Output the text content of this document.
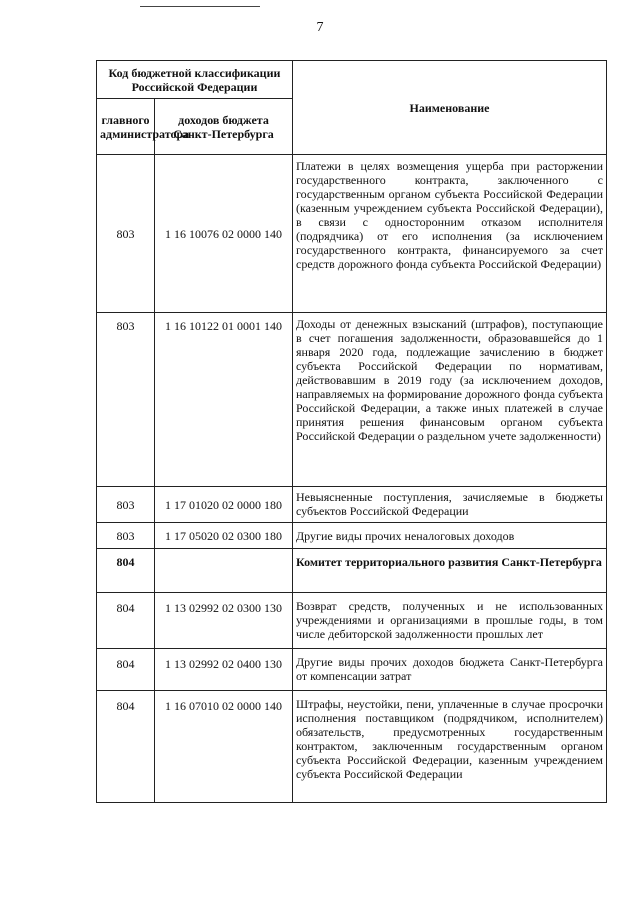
7
Код бюджетной классификации Российской Федерации		Наименование
главного администратора	доходов бюджета Санкт-Петербурга	
803	1 16 10076 02 0000 140	Платежи в целях возмещения ущерба при расторжении государственного контракта, заключенного с государственным органом субъекта Российской Федерации (казенным учреждением субъекта Российской Федерации), в связи с односторонним отказом исполнителя (подрядчика) от его исполнения (за исключением государственного контракта, финансируемого за счет средств дорожного фонда субъекта Российской Федерации)
803	1 16 10122 01 0001 140	Доходы от денежных взысканий (штрафов), поступающие в счет погашения задолженности, образовавшейся до 1 января 2020 года, подлежащие зачислению в бюджет субъекта Российской Федерации по нормативам, действовавшим в 2019 году (за исключением доходов, направляемых на формирование дорожного фонда субъекта Российской Федерации, а также иных платежей в случае принятия решения финансовым органом субъекта Российской Федерации о раздельном учете задолженности)
803	1 17 01020 02 0000 180	Невыясненные поступления, зачисляемые в бюджеты субъектов Российской Федерации
803	1 17 05020 02 0300 180	Другие виды прочих неналоговых доходов
804		Комитет территориального развития Санкт-Петербурга
804	1 13 02992 02 0300 130	Возврат средств, полученных и не использованных учреждениями и организациями в прошлые годы, в том числе дебиторской задолженности прошлых лет
804	1 13 02992 02 0400 130	Другие виды прочих доходов бюджета Санкт-Петербурга от компенсации затрат
804	1 16 07010 02 0000 140	Штрафы, неустойки, пени, уплаченные в случае просрочки исполнения поставщиком (подрядчиком, исполнителем) обязательств, предусмотренных государственным контрактом, заключенным государственным органом субъекта Российской Федерации, казенным учреждением субъекта Российской Федерации
